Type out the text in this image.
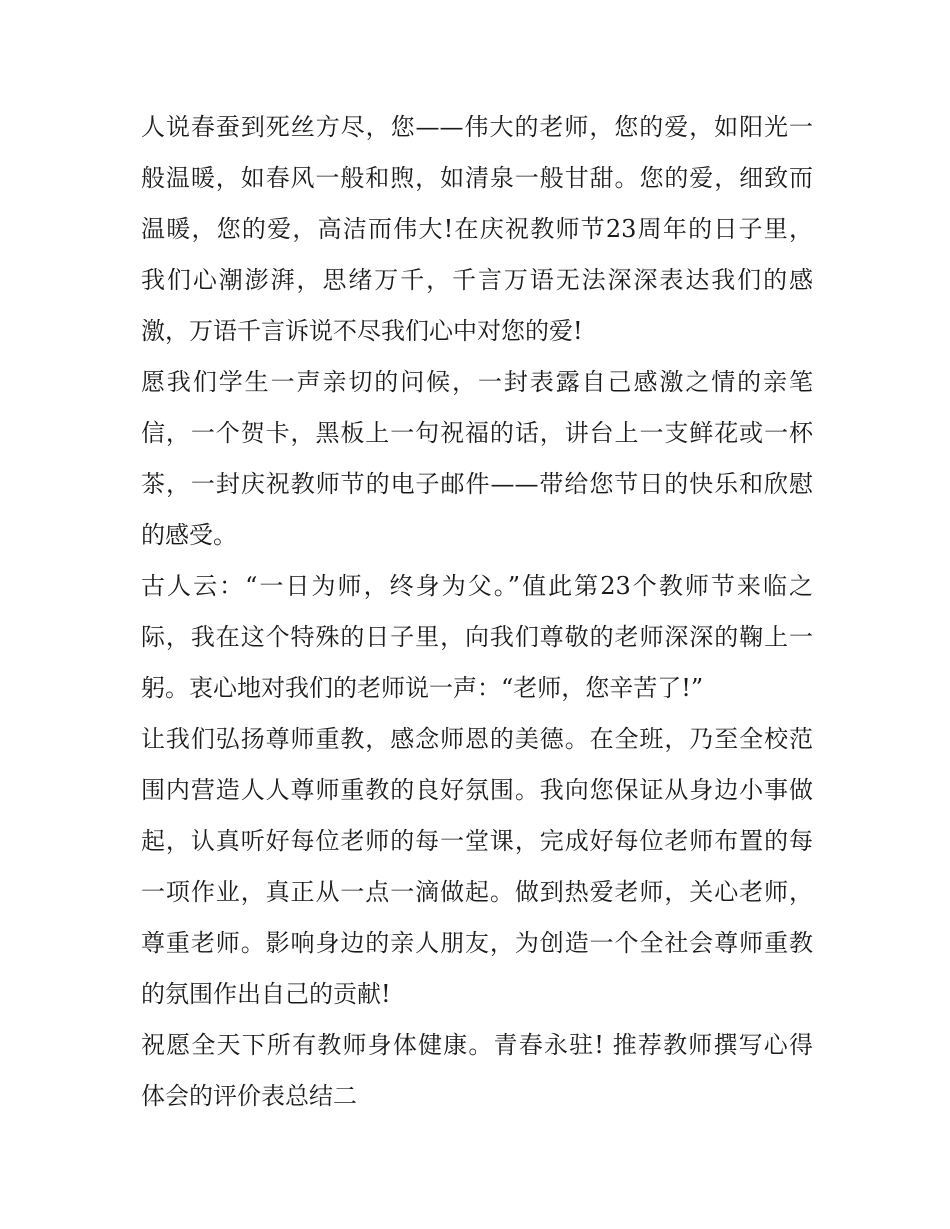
人说春蚕到死丝方尽，您——伟大的老师，您的爱，如阳光一
般温暖，如春风一般和煦，如清泉一般甘甜。您的爱，细致而
温暖，您的爱，高洁而伟大!在庆祝教师节23周年的日子里，
我们心潮澎湃，思绪万千，千言万语无法深深表达我们的感
激，万语千言诉说不尽我们心中对您的爱!
愿我们学生一声亲切的问候，一封表露自己感激之情的亲笔
信，一个贺卡，黑板上一句祝福的话，讲台上一支鲜花或一杯
茶，一封庆祝教师节的电子邮件——带给您节日的快乐和欣慰
的感受。
古人云：“一日为师，终身为父。”值此第23个教师节来临之
际，我在这个特殊的日子里，向我们尊敬的老师深深的鞠上一
躬。衷心地对我们的老师说一声：“老师，您辛苦了!”
让我们弘扬尊师重教，感念师恩的美德。在全班，乃至全校范
围内营造人人尊师重教的良好氛围。我向您保证从身边小事做
起，认真听好每位老师的每一堂课，完成好每位老师布置的每
一项作业，真正从一点一滴做起。做到热爱老师，关心老师，
尊重老师。影响身边的亲人朋友，为创造一个全社会尊师重教
的氛围作出自己的贡献!
祝愿全天下所有教师身体健康。青春永驻! 推荐教师撰写心得
体会的评价表总结二
